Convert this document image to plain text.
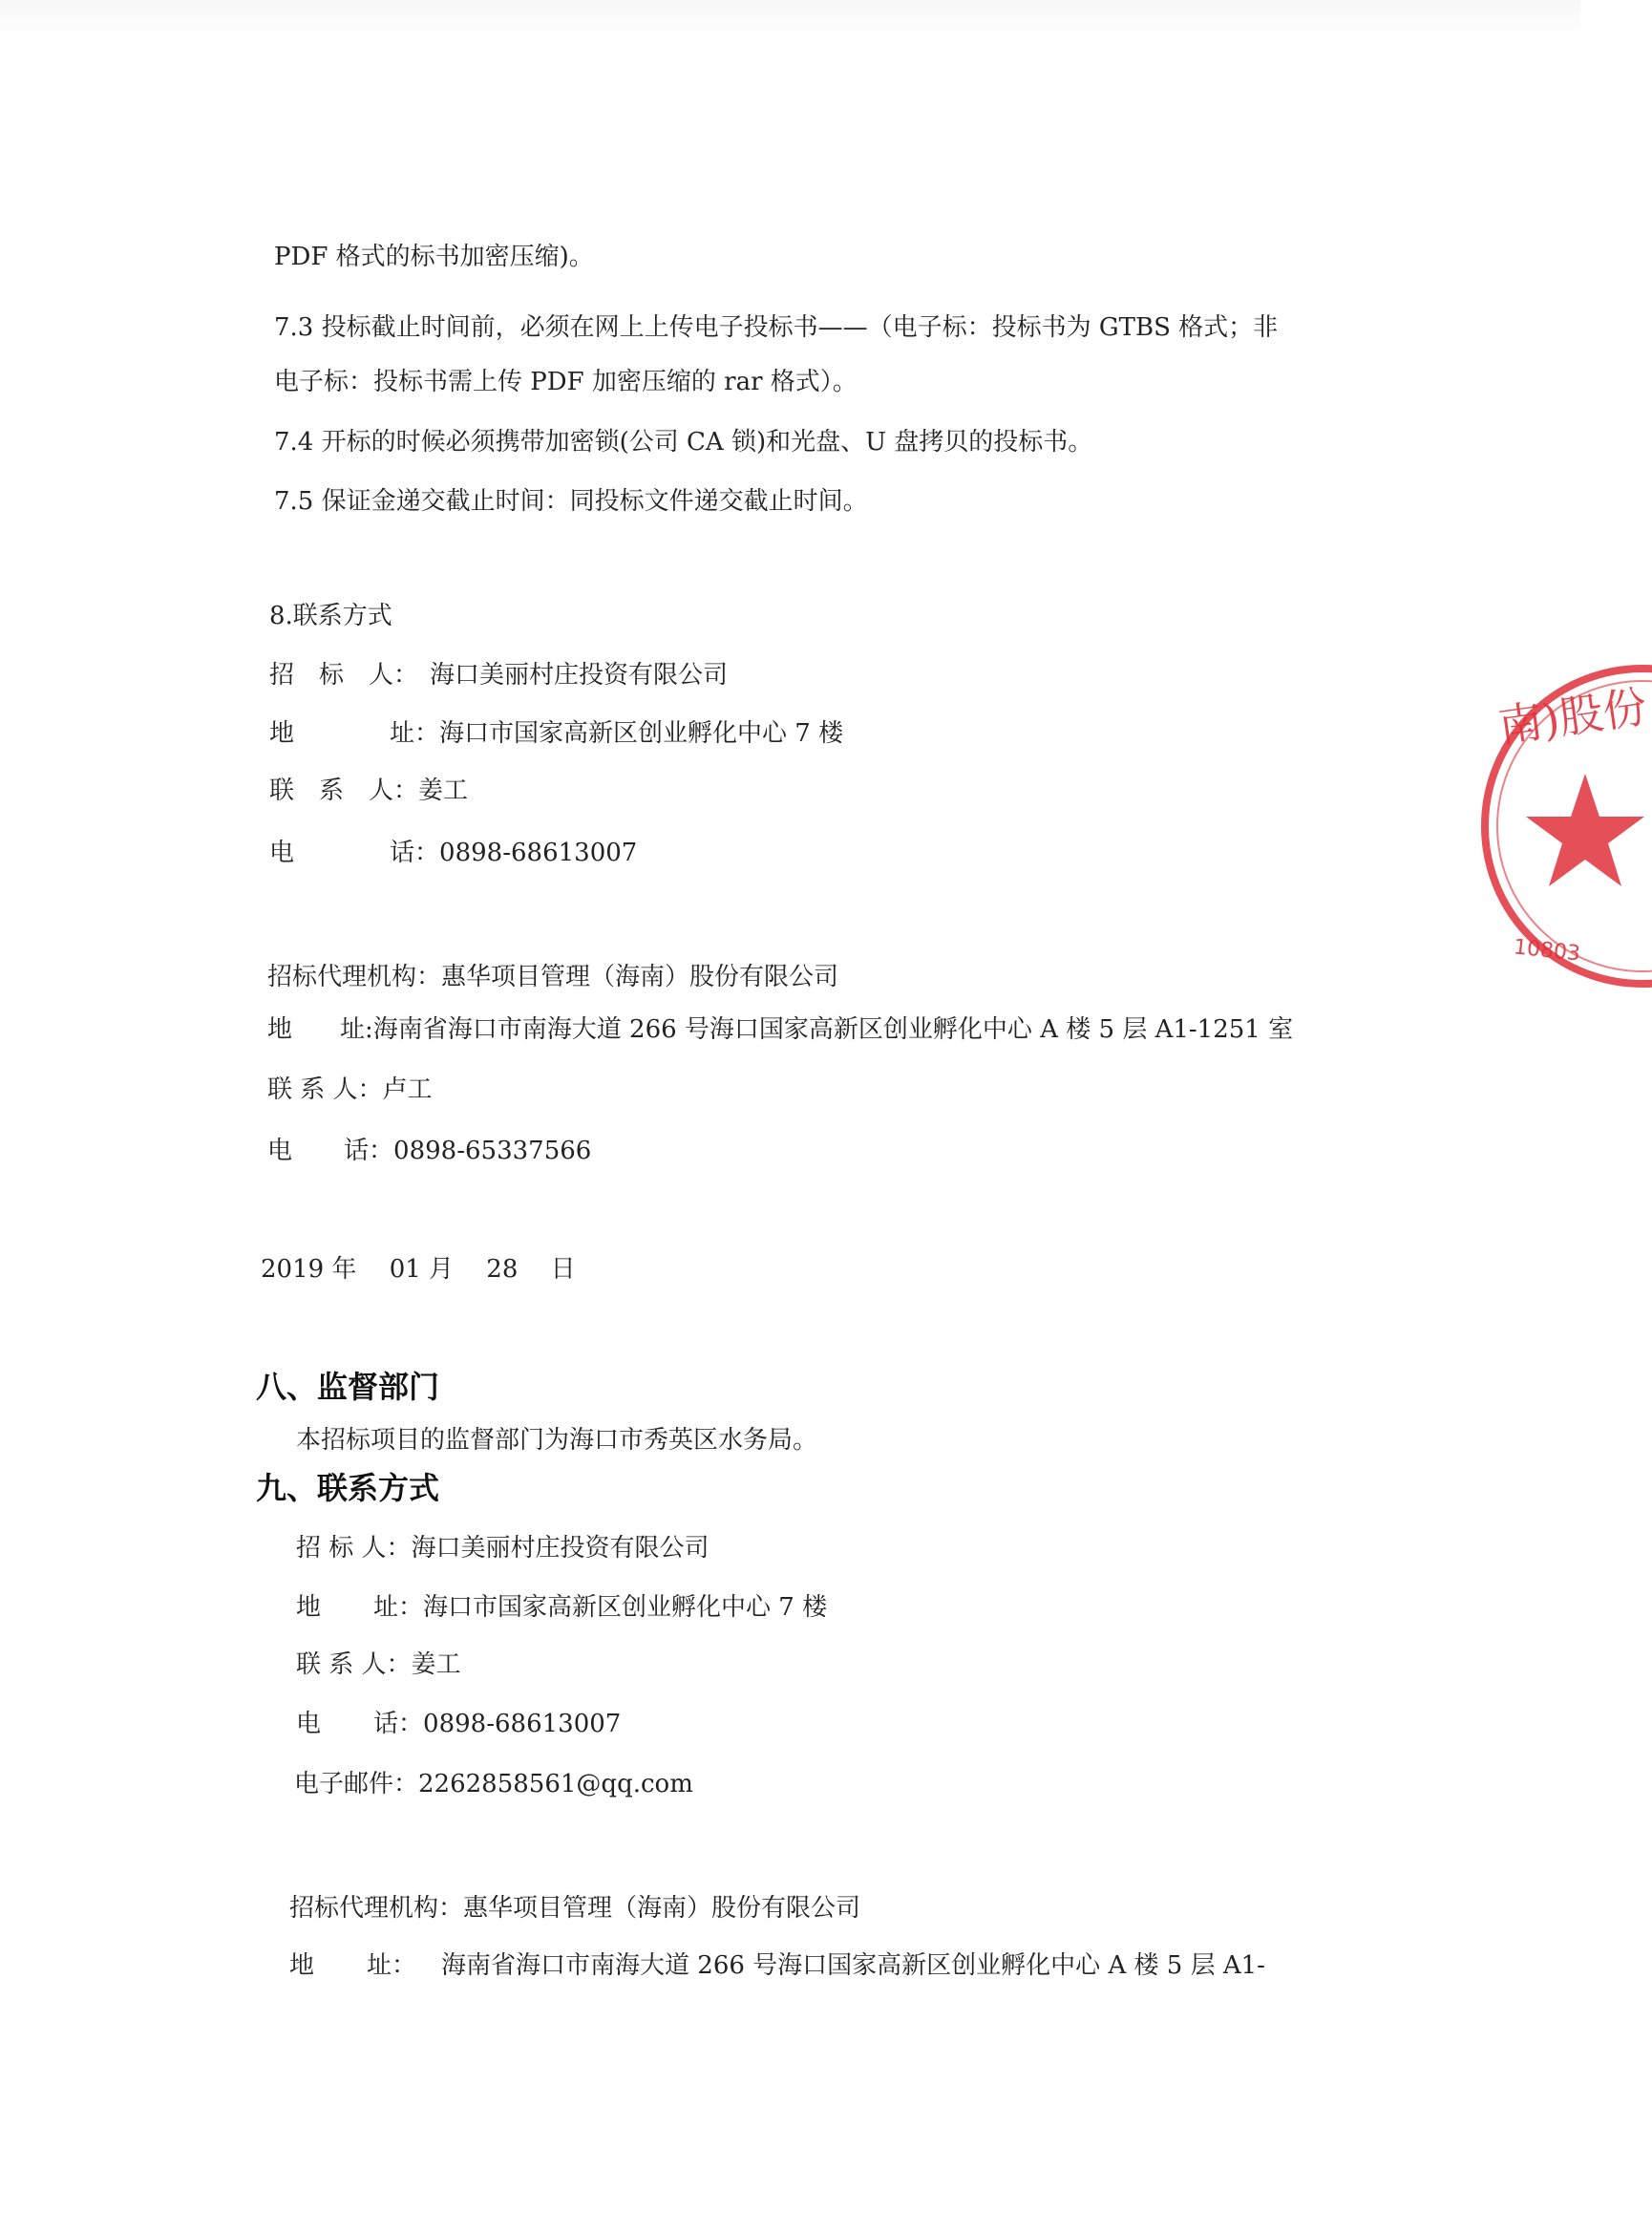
PDF 格式的标书加密压缩)。
7.3 投标截止时间前，必须在网上上传电子投标书——（电子标：投标书为 GTBS 格式；非
电子标：投标书需上传 PDF 加密压缩的 rar 格式）。
7.4 开标的时候必须携带加密锁(公司 CA 锁)和光盘、U 盘拷贝的投标书。
7.5 保证金递交截止时间：同投标文件递交截止时间。
8.联系方式
招　标　人： 海口美丽村庄投资有限公司
地	址：海口市国家高新区创业孵化中心 7 楼
联　系　人：姜工
电	话：0898-68613007
招标代理机构：惠华项目管理（海南）股份有限公司
地 址:海南省海口市南海大道 266 号海口国家高新区创业孵化中心 A 楼 5 层 A1-1251 室
联 系 人：卢工
电 话：0898-65337566
2019 年　 01 月　 28　 日
八、监督部门
本招标项目的监督部门为海口市秀英区水务局。
九、联系方式
招 标 人：海口美丽村庄投资有限公司
地 址：海口市国家高新区创业孵化中心 7 楼
联 系 人：姜工
电 话：0898-68613007
电子邮件：2262858561@qq.com
招标代理机构：惠华项目管理（海南）股份有限公司
地 址： 海南省海口市南海大道 266 号海口国家高新区创业孵化中心 A 楼 5 层 A1-
南)股份
10803
